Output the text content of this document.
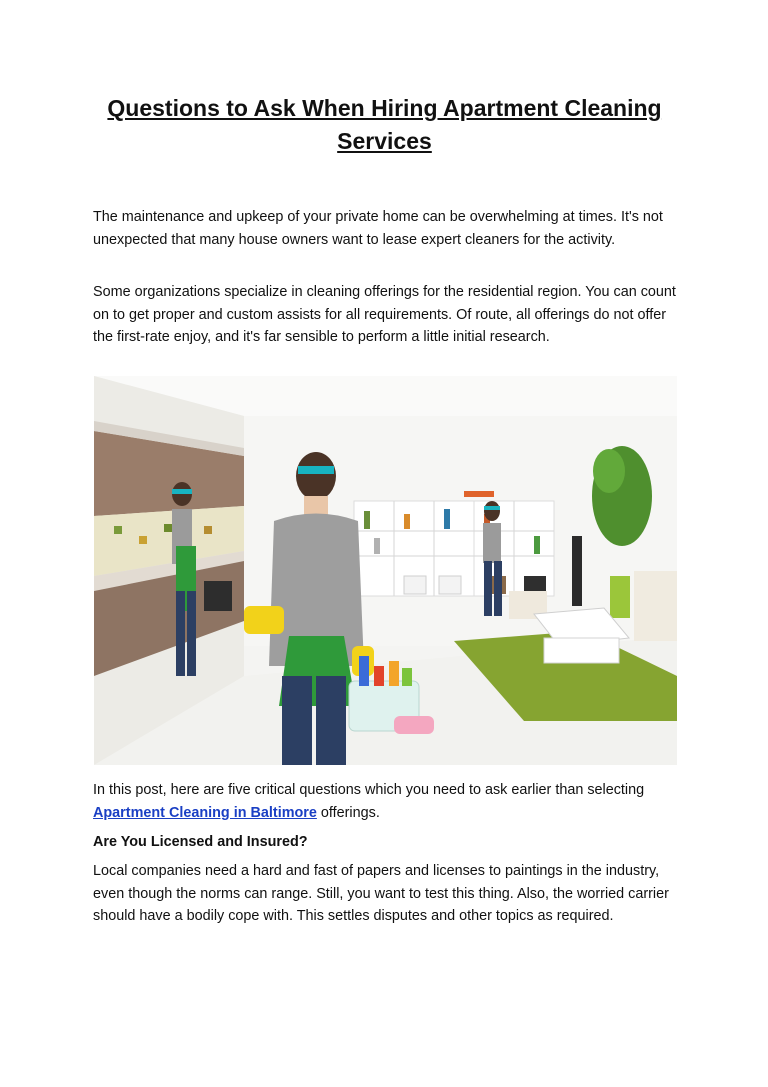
Questions to Ask When Hiring Apartment Cleaning Services

The maintenance and upkeep of your private home can be overwhelming at times. It's not unexpected that many house owners want to lease expert cleaners for the activity.

Some organizations specialize in cleaning offerings for the residential region. You can count on to get proper and custom assists for all requirements. Of route, all offerings do not offer the first-rate enjoy, and it's far sensible to perform a little initial research.

In this post, here are five critical questions which you need to ask earlier than selecting Apartment Cleaning in Baltimore offerings.

Are You Licensed and Insured?

Local companies need a hard and fast of papers and licenses to paintings in the industry, even though the norms can range. Still, you want to test this thing. Also, the worried carrier should have a bodily cope with. This settles disputes and other topics as required.
